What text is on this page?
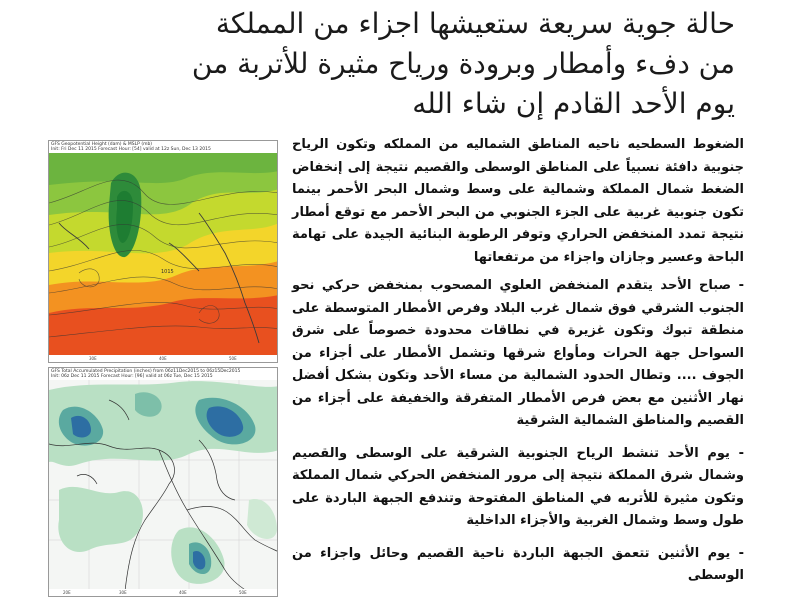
حالة جوية سريعة ستعيشها اجزاء من المملكة
من دفء وأمطار وبرودة ورياح مثيرة للأتربة من
يوم الأحد القادم إن شاء الله
GFS Geopotential Height (dam) & MSLP (mb)
Init: Fri Dec 11 2015 Forecast Hour: [54] valid at 12z Sun, Dec 13 2015
1015
30E	40E	50E
GFS Total Accumulated Precipitation (inches) from 06z11Dec2015 to 06z15Dec2015
Init: 06z Dec 11 2015 Forecast Hour: [96] valid at 06z Tue, Dec 15 2015
20E	30E	40E	50E
الضغوط السطحيه ناحيه المناطق الشماليه من المملكه وتكون الرياح جنوبية دافئة نسبياً على المناطق الوسطى والقصيم نتيجة إلى إنخفاض الضغط شمال المملكة وشمالية على وسط وشمال البحر الأحمر بينما تكون جنوبية غربية على الجزء الجنوبي من البحر الأحمر مع توقع أمطار نتيجة تمدد المنخفض الحراري وتوفر الرطوبة البنائية الجيدة على تهامة الباحة وعسير وجازان واجزاء من مرتفعاتها
- صباح الأحد يتقدم المنخفض العلوي المصحوب بمنخفض حركي نحو الجنوب الشرقي فوق شمال غرب البلاد وفرص الأمطار المتوسطة على منطقة تبوك وتكون غزيرة في نطاقات محدودة خصوصاً على شرق السواحل جهة الحرات ومأواع شرقها وتشمل الأمطار على أجزاء من الجوف .... وتطال الحدود الشمالية من مساء الأحد وتكون بشكل أفضل نهار الأثنين مع بعض فرص الأمطار المتفرقة والخفيفة على أجزاء من القصيم والمناطق الشمالية الشرقية
- يوم الأحد تنشط الرياح الجنوبية الشرقية على الوسطى والقصيم وشمال شرق المملكة نتيجة إلى مرور المنخفض الحركي شمال المملكة وتكون مثيرة للأتربه في المناطق المفتوحة وتندفع الجبهة الباردة على طول وسط وشمال الغربية والأجزاء الداخلية
- يوم الأثنين تتعمق الجبهة الباردة ناحية القصيم وحائل واجزاء من الوسطى
